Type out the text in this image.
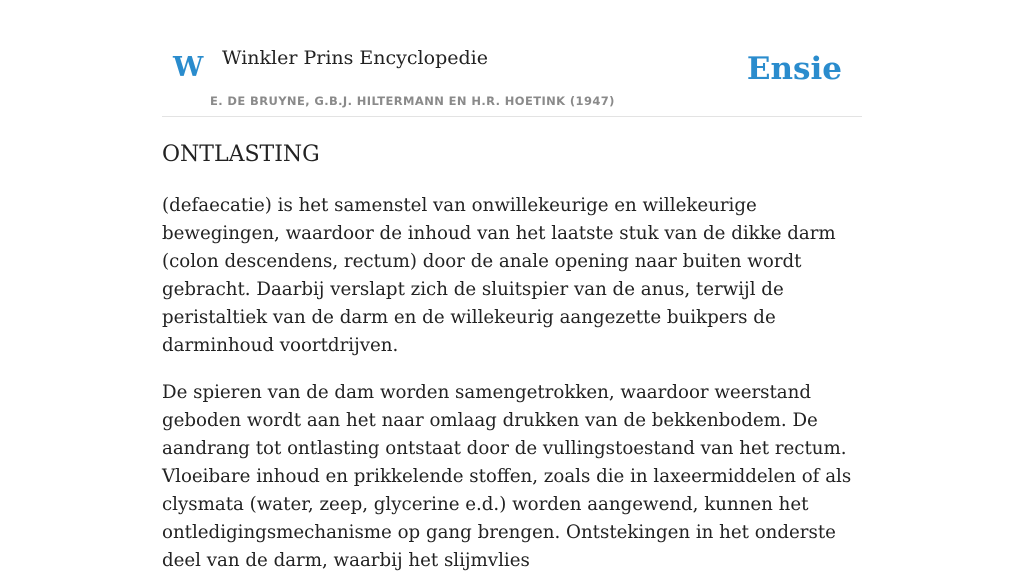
W Winkler Prins Encyclopedie
E. DE BRUYNE, G.B.J. HILTERMANN EN H.R. HOETINK (1947)
Ensie
ONTLASTING

(defaecatie) is het samenstel van onwillekeurige en willekeurige bewegingen, waardoor de inhoud van het laatste stuk van de dikke darm (colon descendens, rectum) door de anale opening naar buiten wordt gebracht. Daarbij verslapt zich de sluitspier van de anus, terwijl de peristaltiek van de darm en de willekeurig aangezette buikpers de darminhoud voortdrijven.

De spieren van de dam worden samengetrokken, waardoor weerstand geboden wordt aan het naar omlaag drukken van de bekkenbodem. De aandrang tot ontlasting ontstaat door de vullingstoestand van het rectum. Vloeibare inhoud en prikkelende stoffen, zoals die in laxeermiddelen of als clysmata (water, zeep, glycerine e.d.) worden aangewend, kunnen het ontledigingsmechanisme op gang brengen. Ontstekingen in het onderste deel van de darm, waarbij het slijmvlies
